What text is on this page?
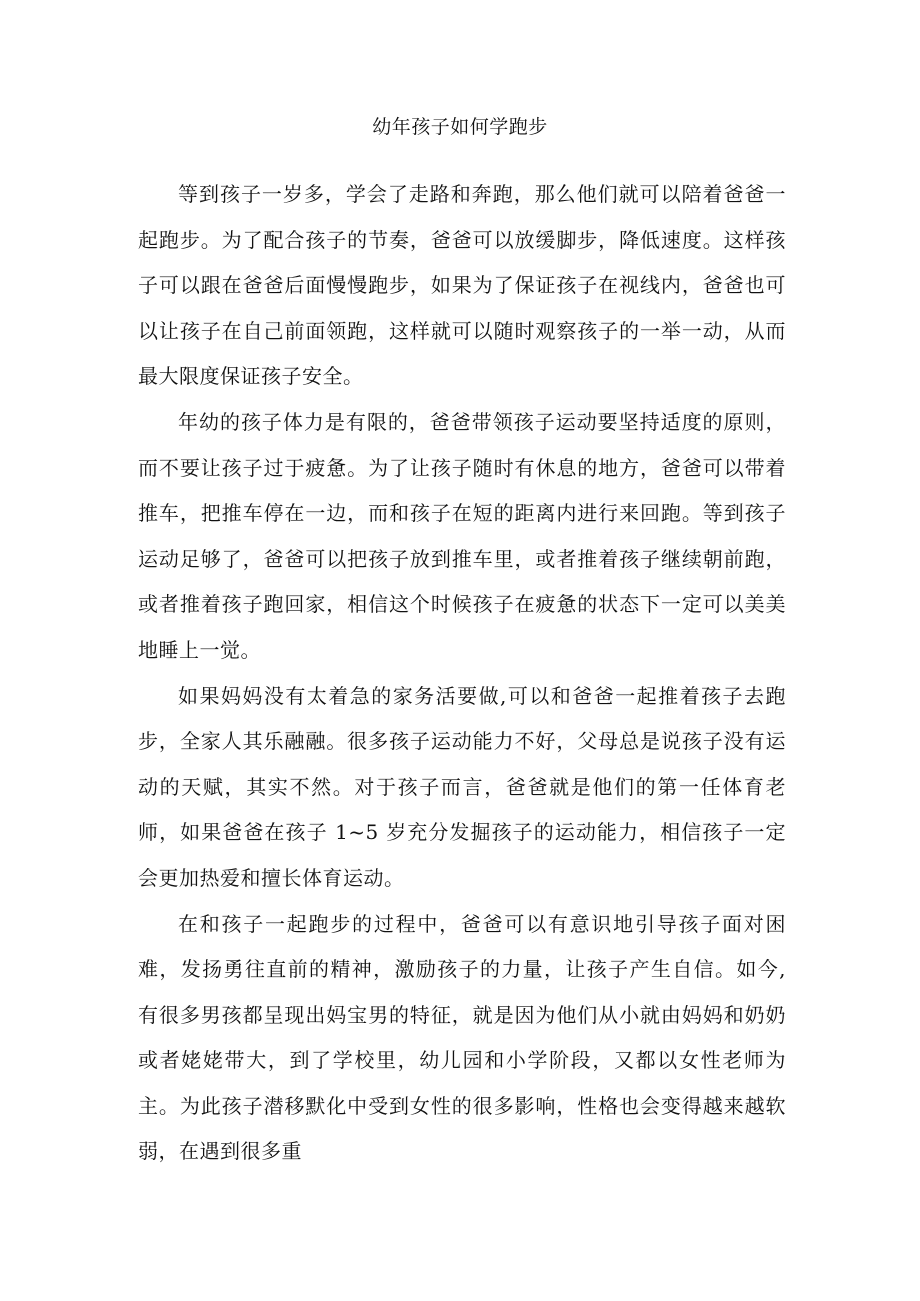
幼年孩子如何学跑步

等到孩子一岁多，学会了走路和奔跑，那么他们就可以陪着爸爸一起跑步。为了配合孩子的节奏，爸爸可以放缓脚步，降低速度。这样孩子可以跟在爸爸后面慢慢跑步，如果为了保证孩子在视线内，爸爸也可以让孩子在自己前面领跑，这样就可以随时观察孩子的一举一动，从而最大限度保证孩子安全。

年幼的孩子体力是有限的，爸爸带领孩子运动要坚持适度的原则，而不要让孩子过于疲惫。为了让孩子随时有休息的地方，爸爸可以带着推车，把推车停在一边，而和孩子在短的距离内进行来回跑。等到孩子运动足够了，爸爸可以把孩子放到推车里，或者推着孩子继续朝前跑，或者推着孩子跑回家，相信这个时候孩子在疲惫的状态下一定可以美美地睡上一觉。

如果妈妈没有太着急的家务活要做,可以和爸爸一起推着孩子去跑步，全家人其乐融融。很多孩子运动能力不好，父母总是说孩子没有运动的天赋，其实不然。对于孩子而言，爸爸就是他们的第一任体育老师，如果爸爸在孩子 1~5 岁充分发掘孩子的运动能力，相信孩子一定会更加热爱和擅长体育运动。

在和孩子一起跑步的过程中，爸爸可以有意识地引导孩子面对困难，发扬勇往直前的精神，激励孩子的力量，让孩子产生自信。如今, 有很多男孩都呈现出妈宝男的特征，就是因为他们从小就由妈妈和奶奶或者姥姥带大，到了学校里，幼儿园和小学阶段，又都以女性老师为主。为此孩子潜移默化中受到女性的很多影响，性格也会变得越来越软弱，在遇到很多重
